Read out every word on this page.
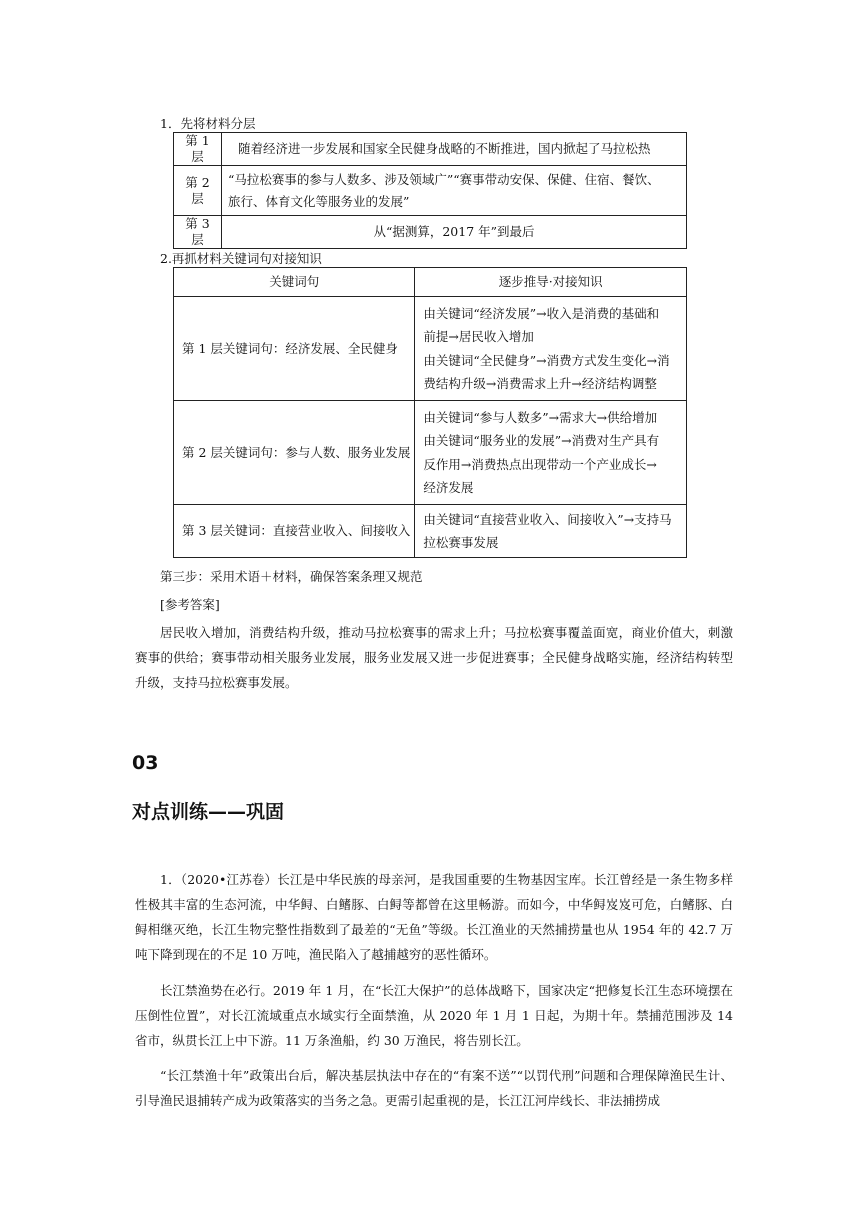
1．先将材料分层
第 1 层	随着经济进一步发展和国家全民健身战略的不断推进，国内掀起了马拉松热
第 2 层	“马拉松赛事的参与人数多、涉及领域广”“赛事带动安保、保健、住宿、餐饮、
旅行、体育文化等服务业的发展”

第 3 层	从“据测算，2017 年”到最后
2.再抓材料关键词句对接知识
关键词句	逐步推导·对接知识
第 1 层关键词句：经济发展、全民健身	由关键词“经济发展”→收入是消费的基础和
前提→居民收入增加
由关键词“全民健身”→消费方式发生变化→消
费结构升级→消费需求上升→经济结构调整

第 2 层关键词句：参与人数、服务业发展	由关键词“参与人数多”→需求大→供给增加
由关键词“服务业的发展”→消费对生产具有
反作用→消费热点出现带动一个产业成长→
经济发展

第 3 层关键词：直接营业收入、间接收入	由关键词“直接营业收入、间接收入”→支持马
拉松赛事发展
第三步：采用术语＋材料，确保答案条理又规范
[参考答案]
居民收入增加，消费结构升级，推动马拉松赛事的需求上升；马拉松赛事覆盖面宽，商业价值大，刺激赛事的供给；赛事带动相关服务业发展，服务业发展又进一步促进赛事；全民健身战略实施，经济结构转型升级，支持马拉松赛事发展。
03
对点训练——巩固
1．（2020•江苏卷）长江是中华民族的母亲河，是我国重要的生物基因宝库。长江曾经是一条生物多样性极其丰富的生态河流，中华鲟、白鳍豚、白鲟等都曾在这里畅游。而如今，中华鲟岌岌可危，白鳍豚、白鲟相继灭绝，长江生物完整性指数到了最差的“无鱼”等级。长江渔业的天然捕捞量也从 1954 年的 42.7 万吨下降到现在的不足 10 万吨，渔民陷入了越捕越穷的恶性循环。
长江禁渔势在必行。2019 年 1 月，在“长江大保护”的总体战略下，国家决定“把修复长江生态环境摆在压倒性位置”，对长江流域重点水域实行全面禁渔，从 2020 年 1 月 1 日起，为期十年。禁捕范围涉及 14 省市，纵贯长江上中下游。11 万条渔船，约 30 万渔民，将告别长江。
“长江禁渔十年”政策出台后，解决基层执法中存在的“有案不送”“以罚代刑”问题和合理保障渔民生计、引导渔民退捕转产成为政策落实的当务之急。更需引起重视的是，长江江河岸线长、非法捕捞成
